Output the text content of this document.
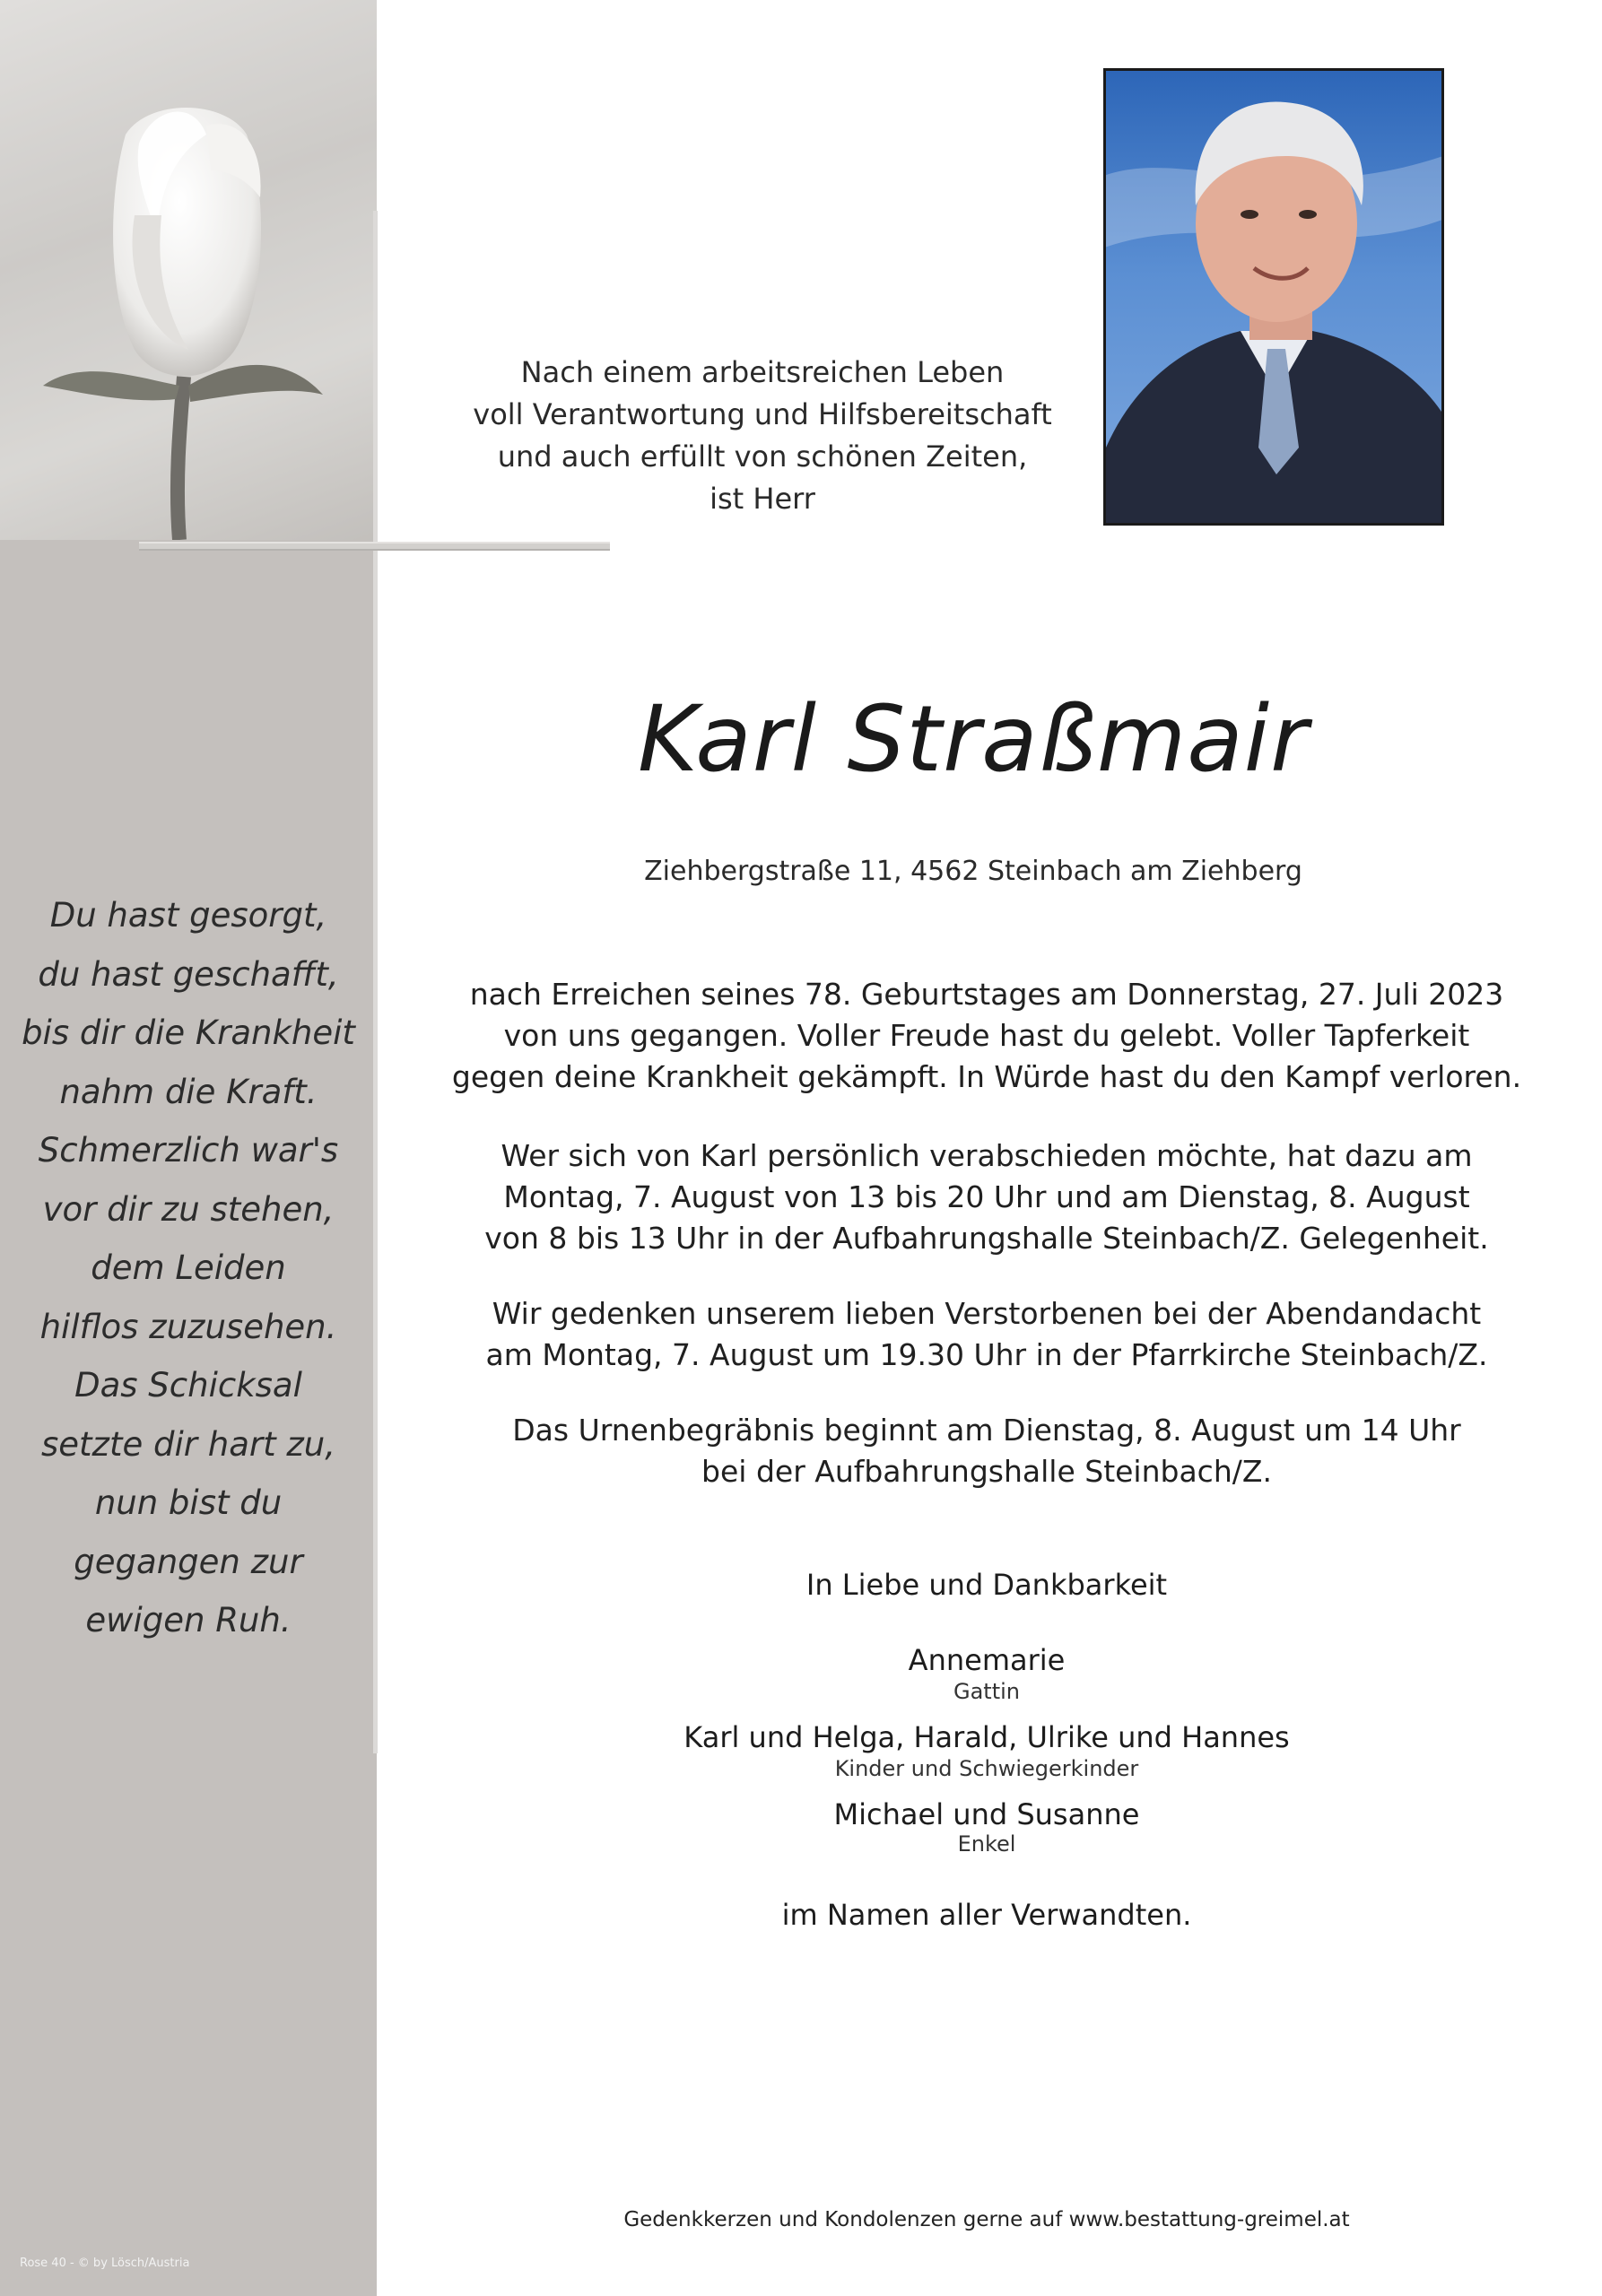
Du hast gesorgt,
du hast geschafft,
bis dir die Krankheit
nahm die Kraft.
Schmerzlich war's
vor dir zu stehen,
dem Leiden
hilflos zuzusehen.
Das Schicksal
setzte dir hart zu,
nun bist du
gegangen zur
ewigen Ruh.
Rose 40 - © by Lösch/Austria
Nach einem arbeitsreichen Leben
voll Verantwortung und Hilfsbereitschaft
und auch erfüllt von schönen Zeiten,
ist Herr
Karl Straßmair
Ziehbergstraße 11, 4562 Steinbach am Ziehberg
nach Erreichen seines 78. Geburtstages am Donnerstag, 27. Juli 2023
von uns gegangen. Voller Freude hast du gelebt. Voller Tapferkeit
gegen deine Krankheit gekämpft. In Würde hast du den Kampf verloren.
Wer sich von Karl persönlich verabschieden möchte, hat dazu am
Montag, 7. August von 13 bis 20 Uhr und am Dienstag, 8. August
von 8 bis 13 Uhr in der Aufbahrungshalle Steinbach/Z. Gelegenheit.
Wir gedenken unserem lieben Verstorbenen bei der Abendandacht
am Montag, 7. August um 19.30 Uhr in der Pfarrkirche Steinbach/Z.
Das Urnenbegräbnis beginnt am Dienstag, 8. August um 14 Uhr
bei der Aufbahrungshalle Steinbach/Z.
In Liebe und Dankbarkeit
Annemarie
Gattin
Karl und Helga, Harald, Ulrike und Hannes
Kinder und Schwiegerkinder
Michael und Susanne
Enkel
im Namen aller Verwandten.
Gedenkkerzen und Kondolenzen gerne auf www.bestattung-greimel.at
